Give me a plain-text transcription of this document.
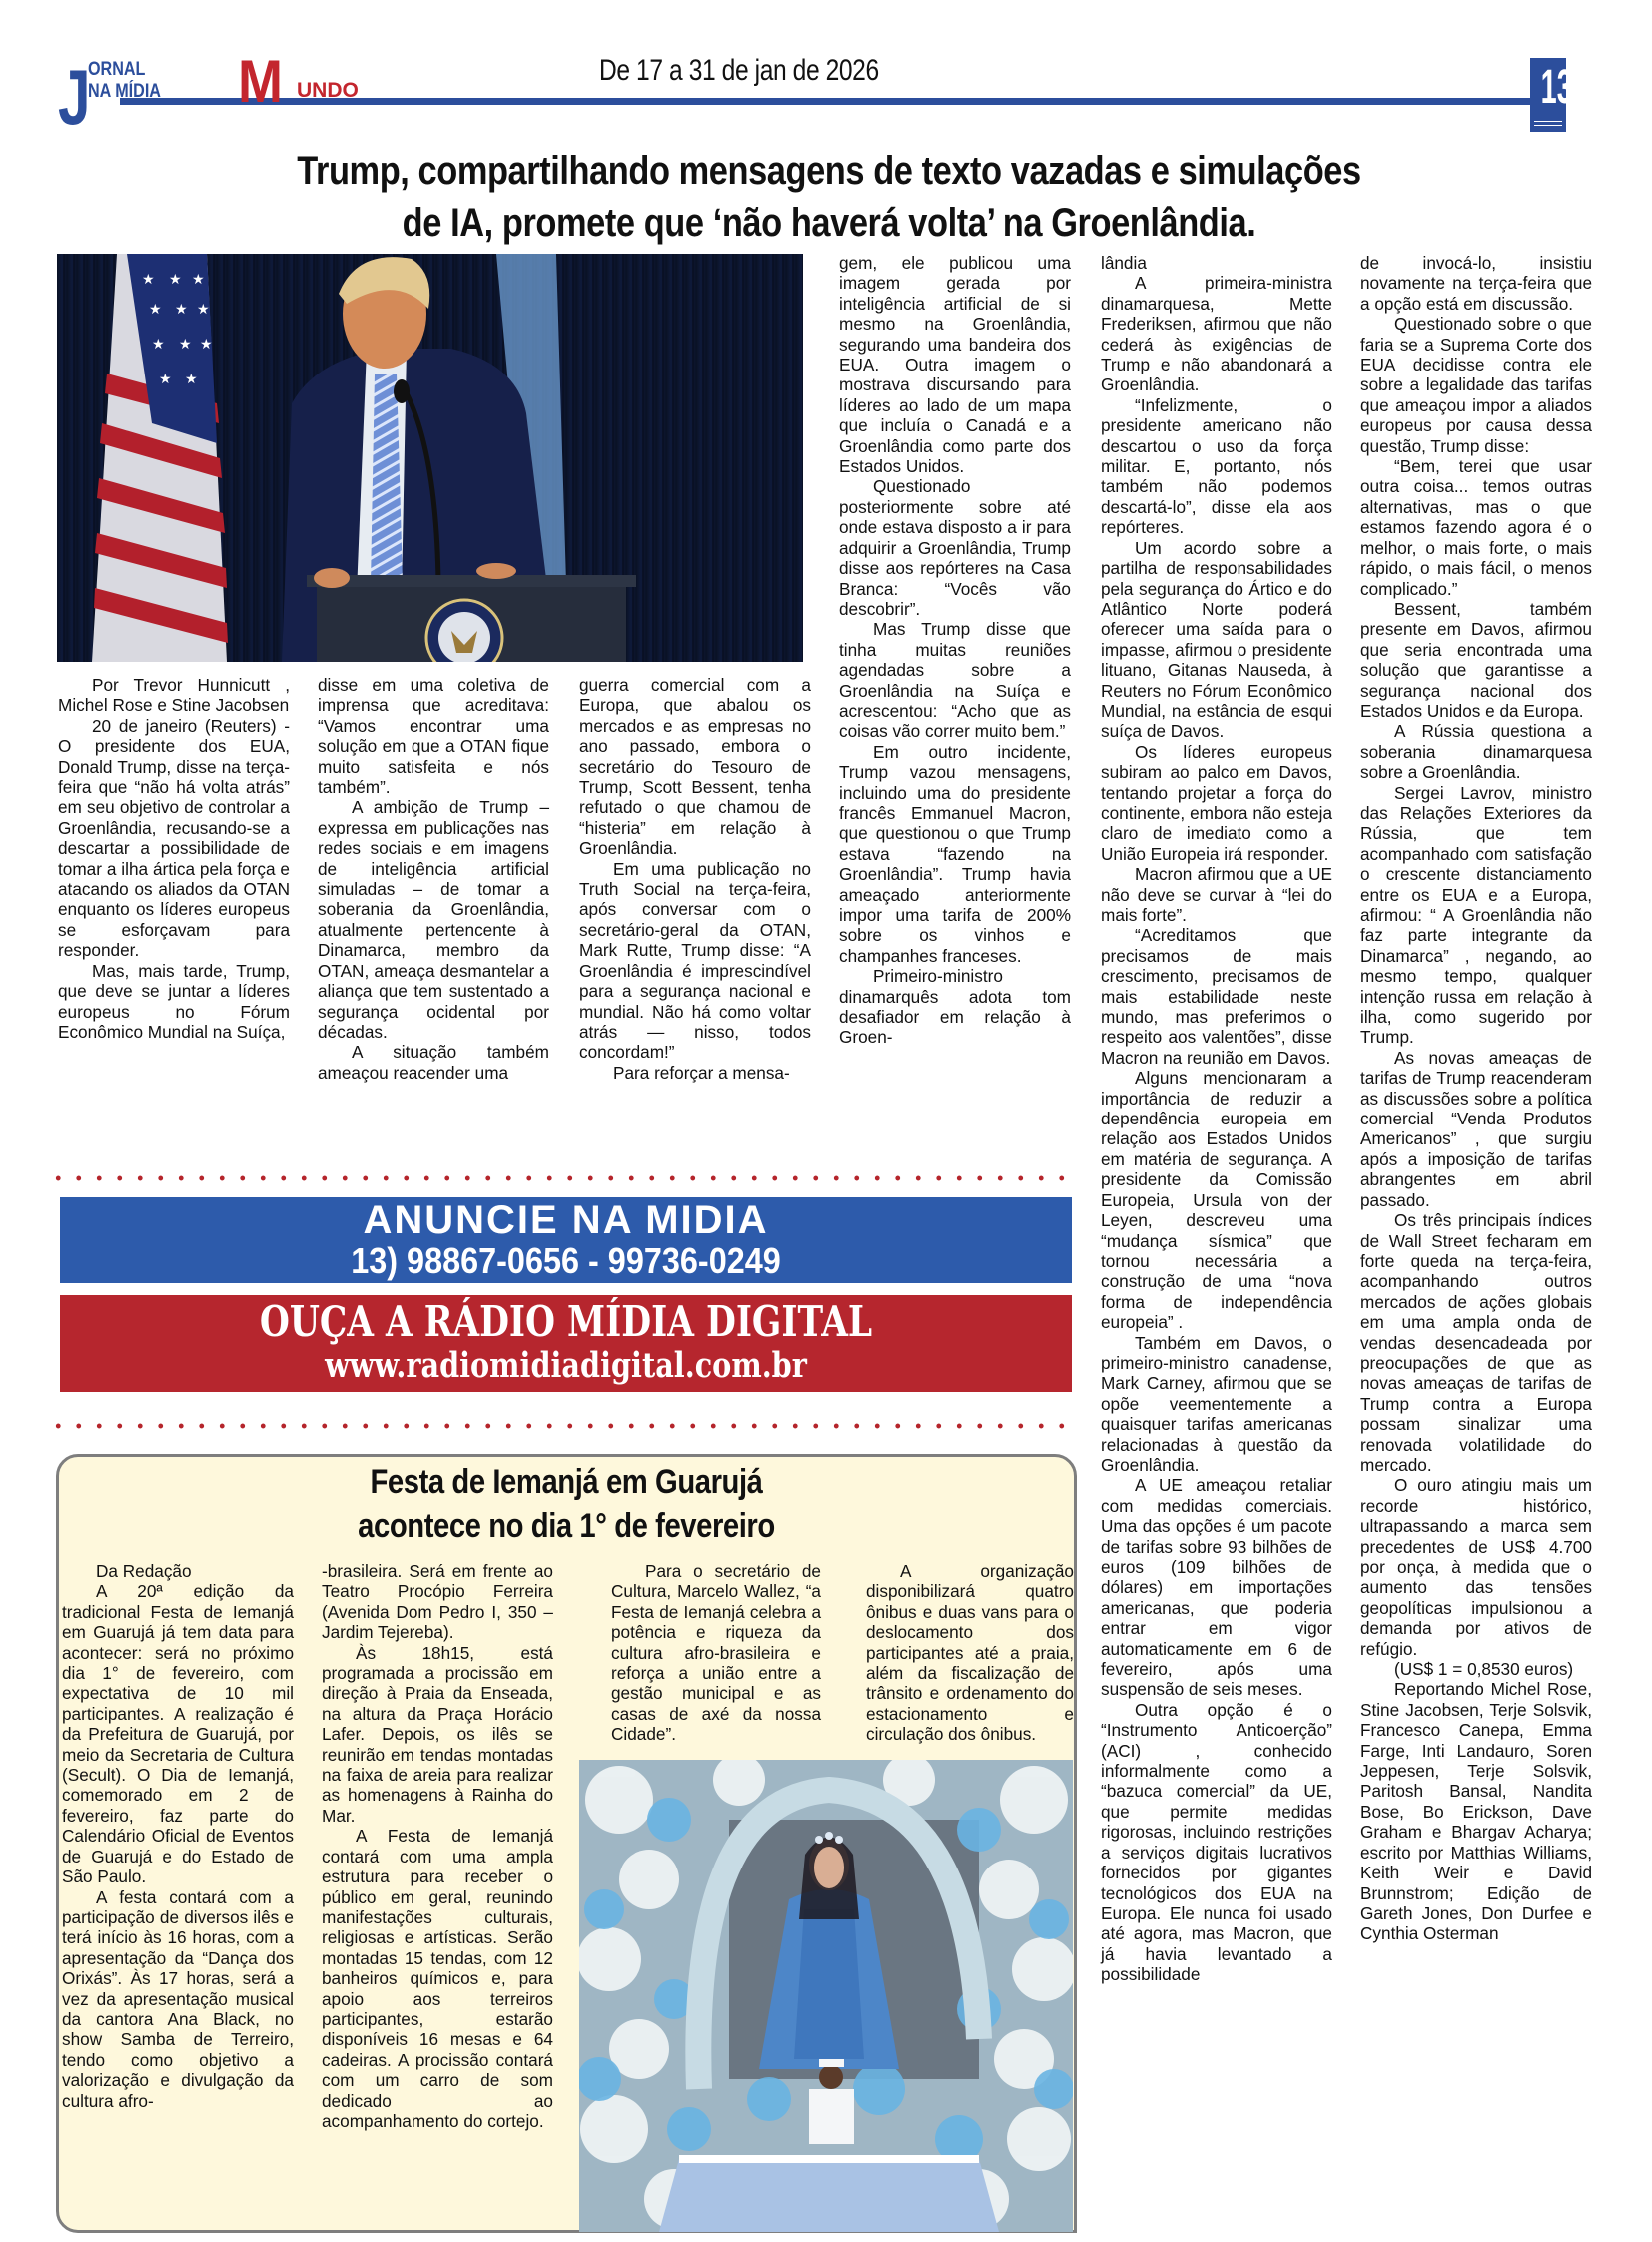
J
ORNAL
NA MÍDIA M UNDO
De 17 a 31 de jan de 2026	13
Trump, compartilhando mensagens de texto vazadas e simulações
de IA, promete que ‘não haverá volta’ na Groenlândia.
★ ★ ★
★ ★ ★
★ ★ ★
★ ★

Por Trevor Hunnicutt , Michel Rose e Stine Jacobsen

20 de janeiro (Reuters) - O presidente dos EUA, Donald Trump, disse na terça-feira que “não há volta atrás” em seu objetivo de controlar a Groenlândia, recusando-se a descartar a possibilidade de tomar a ilha ártica pela força e atacando os aliados da OTAN enquanto os líderes europeus se esforçavam para responder.

Mas, mais tarde, Trump, que deve se juntar a líderes europeus no Fórum Econômico Mundial na Suíça,

disse em uma coletiva de imprensa que acreditava: “Vamos encontrar uma solução em que a OTAN fique muito satisfeita e nós também”.

A ambição de Trump – expressa em publicações nas redes sociais e em imagens de inteligência artificial simuladas – de tomar a soberania da Groenlândia, atualmente pertencente à Dinamarca, membro da OTAN, ameaça desmantelar a aliança que tem sustentado a segurança ocidental por décadas.

A situação também ameaçou reacender uma

guerra comercial com a Europa, que abalou os mercados e as empresas no ano passado, embora o secretário do Tesouro de Trump, Scott Bessent, tenha refutado o que chamou de “histeria” em relação à Groenlândia.

Em uma publicação no Truth Social na terça-feira, após conversar com o secretário-geral da OTAN, Mark Rutte, Trump disse: “A Groenlândia é imprescindível para a segurança nacional e mundial. Não há como voltar atrás — nisso, todos concordam!”

Para reforçar a mensa-

gem, ele publicou uma imagem gerada por inteligência artificial de si mesmo na Groenlândia, segurando uma bandeira dos EUA. Outra imagem o mostrava discursando para líderes ao lado de um mapa que incluía o Canadá e a Groenlândia como parte dos Estados Unidos.

Questionado posteriormente sobre até onde estava disposto a ir para adquirir a Groenlândia, Trump disse aos repórteres na Casa Branca: “Vocês vão descobrir”.

Mas Trump disse que tinha muitas reuniões agendadas sobre a Groenlândia na Suíça e acrescentou: “Acho que as coisas vão correr muito bem.”

Em outro incidente, Trump vazou mensagens, incluindo uma do presidente francês Emmanuel Macron, que questionou o que Trump estava “fazendo na Groenlândia”. Trump havia ameaçado anteriormente impor uma tarifa de 200% sobre os vinhos e champanhes franceses.

Primeiro-ministro dinamarquês adota tom desafiador em relação à Groen-

lândia

A primeira-ministra dinamarquesa, Mette Frederiksen, afirmou que não cederá às exigências de Trump e não abandonará a Groenlândia.

“Infelizmente, o presidente americano não descartou o uso da força militar. E, portanto, nós também não podemos descartá-lo”, disse ela aos repórteres.

Um acordo sobre a partilha de responsabilidades pela segurança do Ártico e do Atlântico Norte poderá oferecer uma saída para o impasse, afirmou o presidente lituano, Gitanas Nauseda, à Reuters no Fórum Econômico Mundial, na estância de esqui suíça de Davos.

Os líderes europeus subiram ao palco em Davos, tentando projetar a força do continente, embora não esteja claro de imediato como a União Europeia irá responder.

Macron afirmou que a UE não deve se curvar à “lei do mais forte”.

“Acreditamos que precisamos de mais crescimento, precisamos de mais estabilidade neste mundo, mas preferimos o respeito aos valentões”, disse Macron na reunião em Davos.

Alguns mencionaram a importância de reduzir a dependência europeia em relação aos Estados Unidos em matéria de segurança. A presidente da Comissão Europeia, Ursula von der Leyen, descreveu uma “mudança sísmica” que tornou necessária a construção de uma “nova forma de independência europeia” .

Também em Davos, o primeiro-ministro canadense, Mark Carney, afirmou que se opõe veementemente a quaisquer tarifas americanas relacionadas à questão da Groenlândia.

A UE ameaçou retaliar com medidas comerciais. Uma das opções é um pacote de tarifas sobre 93 bilhões de euros (109 bilhões de dólares) em importações americanas, que poderia entrar em vigor automaticamente em 6 de fevereiro, após uma suspensão de seis meses.

Outra opção é o “Instrumento Anticoerção” (ACI) , conhecido informalmente como a “bazuca comercial” da UE, que permite medidas rigorosas, incluindo restrições a serviços digitais lucrativos fornecidos por gigantes tecnológicos dos EUA na Europa. Ele nunca foi usado até agora, mas Macron, que já havia levantado a possibilidade

de invocá-lo, insistiu novamente na terça-feira que a opção está em discussão.

Questionado sobre o que faria se a Suprema Corte dos EUA decidisse contra ele sobre a legalidade das tarifas que ameaçou impor a aliados europeus por causa dessa questão, Trump disse:

“Bem, terei que usar outra coisa... temos outras alternativas, mas o que estamos fazendo agora é o melhor, o mais forte, o mais rápido, o mais fácil, o menos complicado.”

Bessent, também presente em Davos, afirmou que seria encontrada uma solução que garantisse a segurança nacional dos Estados Unidos e da Europa.

A Rússia questiona a soberania dinamarquesa sobre a Groenlândia.

Sergei Lavrov, ministro das Relações Exteriores da Rússia, que tem acompanhado com satisfação o crescente distanciamento entre os EUA e a Europa, afirmou: “ A Groenlândia não faz parte integrante da Dinamarca” , negando, ao mesmo tempo, qualquer intenção russa em relação à ilha, como sugerido por Trump.

As novas ameaças de tarifas de Trump reacenderam as discussões sobre a política comercial “Venda Produtos Americanos” , que surgiu após a imposição de tarifas abrangentes em abril passado.

Os três principais índices de Wall Street fecharam em forte queda na terça-feira, acompanhando outros mercados de ações globais em uma ampla onda de vendas desencadeada por preocupações de que as novas ameaças de tarifas de Trump contra a Europa possam sinalizar uma renovada volatilidade do mercado.

O ouro atingiu mais um recorde histórico, ultrapassando a marca sem precedentes de US$ 4.700 por onça, à medida que o aumento das tensões geopolíticas impulsionou a demanda por ativos de refúgio.

(US$ 1 = 0,8530 euros)

Reportando Michel Rose, Stine Jacobsen, Terje Solsvik, Francesco Canepa, Emma Farge, Inti Landauro, Soren Jeppesen, Terje Solsvik, Paritosh Bansal, Nandita Bose, Bo Erickson, Dave Graham e Bhargav Acharya; escrito por Matthias Williams, Keith Weir e David Brunnstrom; Edição de Gareth Jones, Don Durfee e Cynthia Osterman

ANUNCIE NA MIDIA
13) 98867-0656 - 99736-0249
OUÇA A RÁDIO MÍDIA DIGITAL
www.radiomidiadigital.com.br
Festa de Iemanjá em Guarujá
acontece no dia 1° de fevereiro

Da Redação

A 20ª edição da tradicional Festa de Iemanjá em Guarujá já tem data para acontecer: será no próximo dia 1° de fevereiro, com expectativa de 10 mil participantes. A realização é da Prefeitura de Guarujá, por meio da Secretaria de Cultura (Secult). O Dia de Iemanjá, comemorado em 2 de fevereiro, faz parte do Calendário Oficial de Eventos de Guarujá e do Estado de São Paulo.

A festa contará com a participação de diversos ilês e terá início às 16 horas, com a apresentação da “Dança dos Orixás”. Às 17 horas, será a vez da apresentação musical da cantora Ana Black, no show Samba de Terreiro, tendo como objetivo a valorização e divulgação da cultura afro-

-brasileira. Será em frente ao Teatro Procópio Ferreira (Avenida Dom Pedro I, 350 – Jardim Tejereba).

Às 18h15, está programada a procissão em direção à Praia da Enseada, na altura da Praça Horácio Lafer. Depois, os ilês se reunirão em tendas montadas na faixa de areia para realizar as homenagens à Rainha do Mar.

A Festa de Iemanjá contará com uma ampla estrutura para receber o público em geral, reunindo manifestações culturais, religiosas e artísticas. Serão montadas 15 tendas, com 12 banheiros químicos e, para apoio aos terreiros participantes, estarão disponíveis 16 mesas e 64 cadeiras. A procissão contará com um carro de som dedicado ao acompanhamento do cortejo.

Para o secretário de Cultura, Marcelo Wallez, “a Festa de Iemanjá celebra a potência e riqueza da cultura afro-brasileira e reforça a união entre a gestão municipal e as casas de axé da nossa Cidade”.

A organização disponibilizará quatro ônibus e duas vans para o deslocamento dos participantes até a praia, além da fiscalização de trânsito e ordenamento do estacionamento e circulação dos ônibus.
